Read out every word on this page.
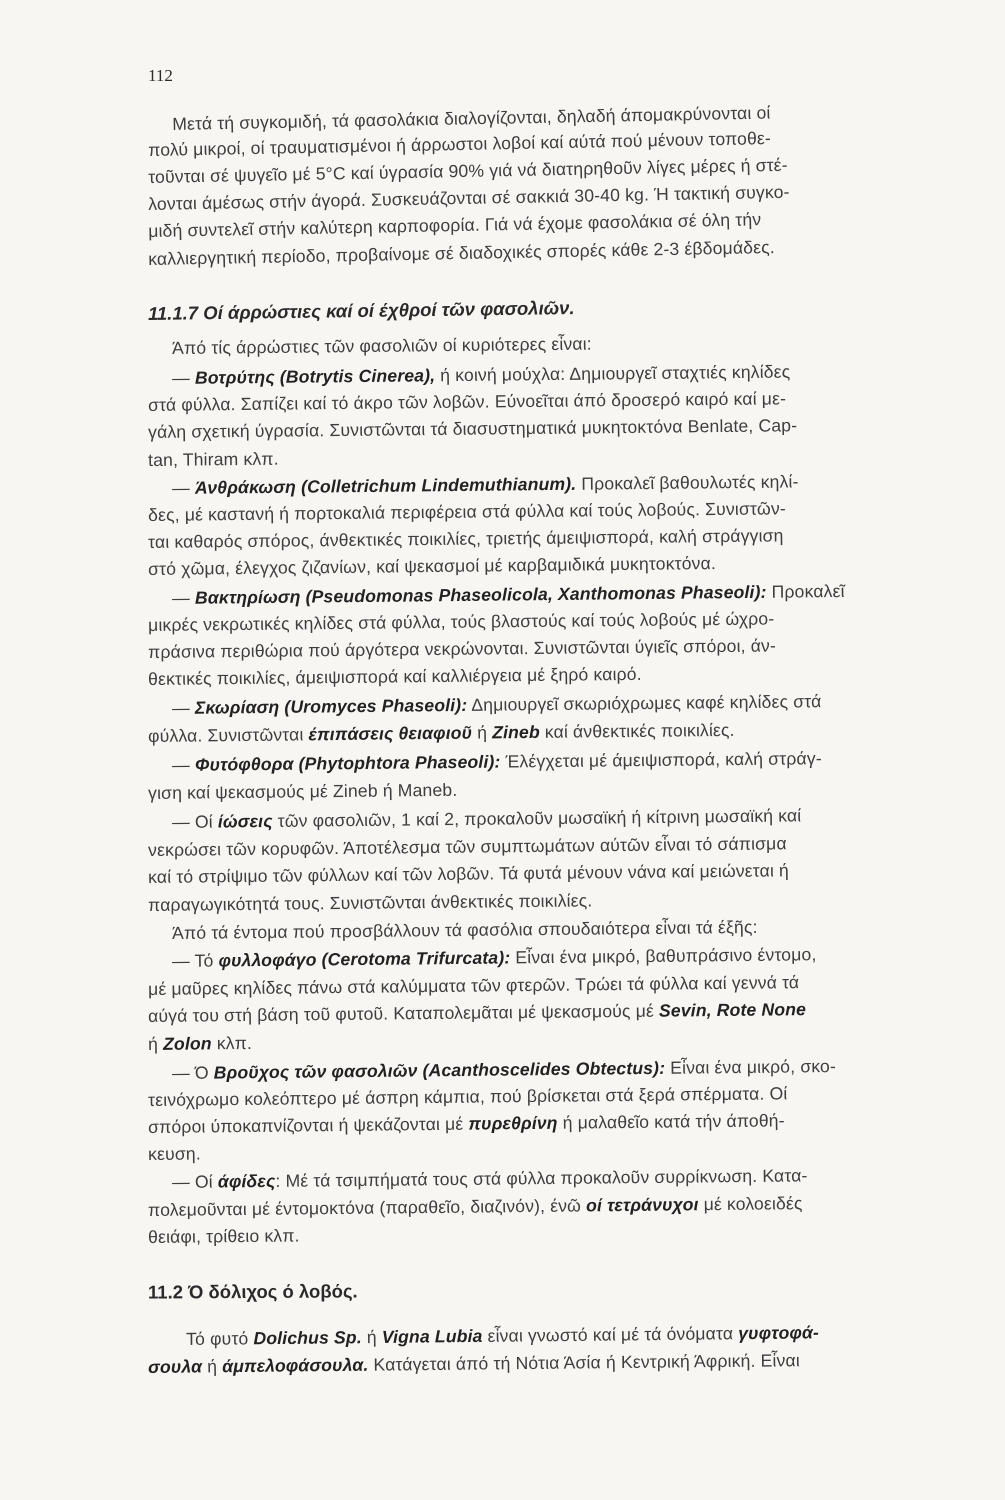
112
Μετά τή συγκομιδή, τά φασολάκια διαλογίζονται, δηλαδή άπομακρύνονται οί
πολύ μικροί, οί τραυματισμένοι ή άρρωστοι λοβοί καί αύτά πού μένουν τοποθε-
τοῦνται σέ ψυγεῖο μέ 5°C καί ύγρασία 90% γιά νά διατηρηθοῦν λίγες μέρες ή στέ-
λονται άμέσως στήν άγορά. Συσκευάζονται σέ σακκιά 30-40 kg. Ή τακτική συγκο-
μιδή συντελεῖ στήν καλύτερη καρποφορία. Γιά νά έχομε φασολάκια σέ όλη τήν
καλλιεργητική περίοδο, προβαίνομε σέ διαδοχικές σπορές κάθε 2-3 έβδομάδες.
11.1.7 Οί άρρώστιες καί οί έχθροί τῶν φασολιῶν.
Άπό τίς άρρώστιες τῶν φασολιῶν οί κυριότερες εἶναι:
— Βοτρύτης (Botrytis Cinerea), ή κοινή μούχλα: Δημιουργεῖ σταχτιές κηλίδες
στά φύλλα. Σαπίζει καί τό άκρο τῶν λοβῶν. Εύνοεῖται άπό δροσερό καιρό καί με-
γάλη σχετική ύγρασία. Συνιστῶνται τά διασυστηματικά μυκητοκτόνα Benlate, Cap-
tan, Thiram κλπ.
— Άνθράκωση (Colletrichum Lindemuthianum). Προκαλεῖ βαθουλωτές κηλί-
δες, μέ καστανή ή πορτοκαλιά περιφέρεια στά φύλλα καί τούς λοβούς. Συνιστῶν-
ται καθαρός σπόρος, άνθεκτικές ποικιλίες, τριετής άμειψισπορά, καλή στράγγιση
στό χῶμα, έλεγχος ζιζανίων, καί ψεκασμοί μέ καρβαμιδικά μυκητοκτόνα.
— Βακτηρίωση (Pseudomonas Phaseolicola, Xanthomonas Phaseoli): Προκαλεῖ
μικρές νεκρωτικές κηλίδες στά φύλλα, τούς βλαστούς καί τούς λοβούς μέ ώχρο-
πράσινα περιθώρια πού άργότερα νεκρώνονται. Συνιστῶνται ύγιεῖς σπόροι, άν-
θεκτικές ποικιλίες, άμειψισπορά καί καλλιέργεια μέ ξηρό καιρό.
— Σκωρίαση (Uromyces Phaseoli): Δημιουργεῖ σκωριόχρωμες καφέ κηλίδες στά
φύλλα. Συνιστῶνται έπιπάσεις θειαφιοῦ ή Zineb καί άνθεκτικές ποικιλίες.
— Φυτόφθορα (Phytophtora Phaseoli): Έλέγχεται μέ άμειψισπορά, καλή στράγ-
γιση καί ψεκασμούς μέ Zineb ή Maneb.
— Οί ίώσεις τῶν φασολιῶν, 1 καί 2, προκαλοῦν μωσαϊκή ή κίτρινη μωσαϊκή καί
νεκρώσει τῶν κορυφῶν. Άποτέλεσμα τῶν συμπτωμάτων αύτῶν εἶναι τό σάπισμα
καί τό στρίψιμο τῶν φύλλων καί τῶν λοβῶν. Τά φυτά μένουν νάνα καί μειώνεται ή
παραγωγικότητά τους. Συνιστῶνται άνθεκτικές ποικιλίες.
Άπό τά έντομα πού προσβάλλουν τά φασόλια σπουδαιότερα εἶναι τά έξῆς:
— Τό φυλλοφάγο (Cerotoma Trifurcata): Εἶναι ένα μικρό, βαθυπράσινο έντομο,
μέ μαῦρες κηλίδες πάνω στά καλύμματα τῶν φτερῶν. Τρώει τά φύλλα καί γεννά τά
αύγά του στή βάση τοῦ φυτοῦ. Καταπολεμᾶται μέ ψεκασμούς μέ Sevin, Rote None
ή Zolon κλπ.
— Ό Βροῦχος τῶν φασολιῶν (Acanthoscelides Obtectus): Εἶναι ένα μικρό, σκο-
τεινόχρωμο κολεόπτερο μέ άσπρη κάμπια, πού βρίσκεται στά ξερά σπέρματα. Οί
σπόροι ύποκαπνίζονται ή ψεκάζονται μέ πυρεθρίνη ή μαλαθεῖο κατά τήν άποθή-
κευση.
— Οί άφίδες: Μέ τά τσιμπήματά τους στά φύλλα προκαλοῦν συρρίκνωση. Κατα-
πολεμοῦνται μέ έντομοκτόνα (παραθεῖο, διαζινόν), ένῶ οί τετράνυχοι μέ κολοειδές
θειάφι, τρίθειο κλπ.
11.2 Ό δόλιχος ό λοβός.
Τό φυτό Dolichus Sp. ή Vigna Lubia εἶναι γνωστό καί μέ τά όνόματα γυφτοφά-
σουλα ή άμπελοφάσουλα. Κατάγεται άπό τή Νότια Άσία ή Κεντρική Άφρική. Εἶναι
